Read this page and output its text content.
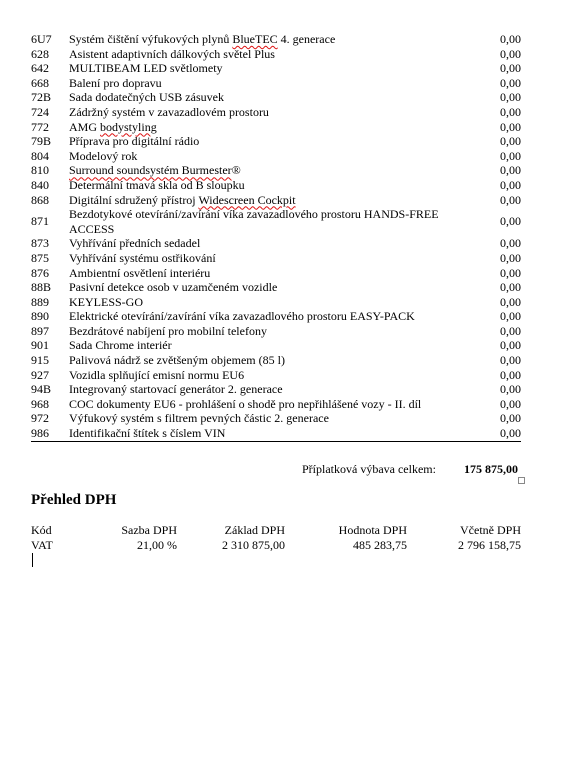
6U7	Systém čištění výfukových plynů BlueTEC 4. generace	0,00
628	Asistent adaptivních dálkových světel Plus	0,00
642	MULTIBEAM LED světlomety	0,00
668	Balení pro dopravu	0,00
72B	Sada dodatečných USB zásuvek	0,00
724	Zádržný systém v zavazadlovém prostoru	0,00
772	AMG bodystyling	0,00
79B	Příprava pro digitální rádio	0,00
804	Modelový rok	0,00
810	Surround soundsystém Burmester®	0,00
840	Determální tmavá skla od B sloupku	0,00
868	Digitální sdružený přístroj Widescreen Cockpit	0,00
871	Bezdotykové otevírání/zavírání víka zavazadlového prostoru HANDS-FREE ACCESS	0,00
873	Vyhřívání předních sedadel	0,00
875	Vyhřívání systému ostřikování	0,00
876	Ambientní osvětlení interiéru	0,00
88B	Pasivní detekce osob v uzamčeném vozidle	0,00
889	KEYLESS-GO	0,00
890	Elektrické otevírání/zavírání víka zavazadlového prostoru EASY-PACK	0,00
897	Bezdrátové nabíjení pro mobilní telefony	0,00
901	Sada Chrome interiér	0,00
915	Palivová nádrž se zvětšeným objemem (85 l)	0,00
927	Vozidla splňující emisní normu EU6	0,00
94B	Integrovaný startovací generátor 2. generace	0,00
968	COC dokumenty EU6 - prohlášení o shodě pro nepřihlášené vozy - II. díl	0,00
972	Výfukový systém s filtrem pevných částic 2. generace	0,00
986	Identifikační štítek s číslem VIN	0,00
Příplatková výbava celkem: 175 875,00
Přehled DPH
Kód	Sazba DPH	Základ DPH	Hodnota DPH	Včetně DPH
VAT	21,00 %	2 310 875,00	485 283,75	2 796 158,75
